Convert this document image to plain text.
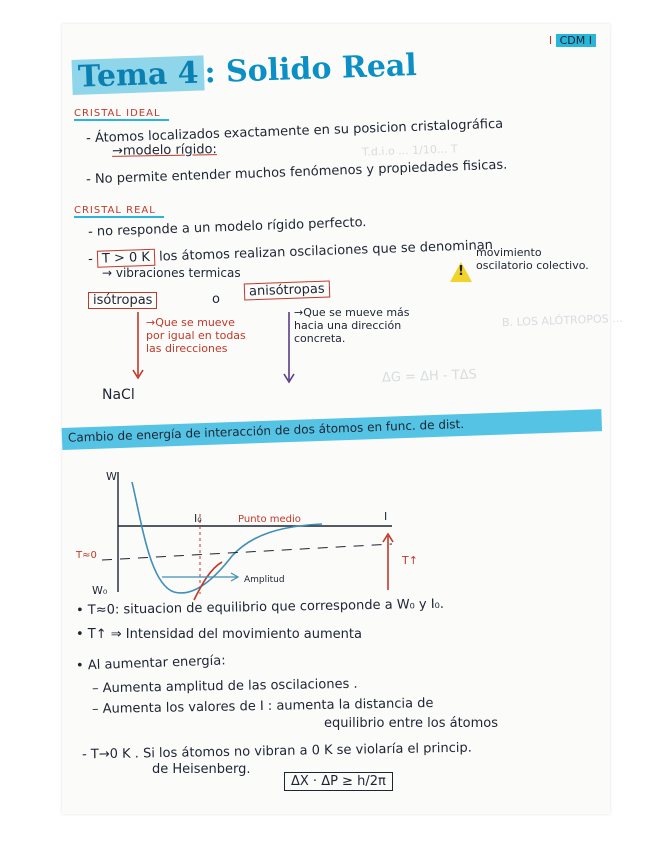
T.d.i.o ... 1/10... T
ΔG = ΔH - TΔS
B. LOS ALÓTROPOS ...
I CDM I
Tema 4 : Solido Real
CRISTAL IDEAL
- Átomos localizados exactamente en su posicion cristalográfica
→modelo rígido:
- No permite entender muchos fenómenos y propiedades fisicas.
CRISTAL REAL
- no responde a un modelo rígido perfecto.
- T > 0 K los átomos realizan oscilaciones que se denominan
→ vibraciones termicas	!
movimiento oscilatorio colectivo.
isótropas	o
anisótropas
→Que se mueve por igual en todas las direcciones
→Que se mueve más hacia una dirección concreta.
NaCl
Cambio de energía de interacción de dos átomos en func. de dist.
W
W₀
T≈0
I₀	Punto medio	I
Amplitud
T↑
• T≈0: situacion de equilibrio que corresponde a W₀ y I₀.
• T↑ ⇒ Intensidad del movimiento aumenta
• Al aumentar energía:
– Aumenta amplitud de las oscilaciones .
– Aumenta los valores de I : aumenta la distancia de
equilibrio entre los átomos
- T→0 K . Si los átomos no vibran a 0 K se violaría el princip.
de Heisenberg.
ΔX · ΔP ≥ h/2π
